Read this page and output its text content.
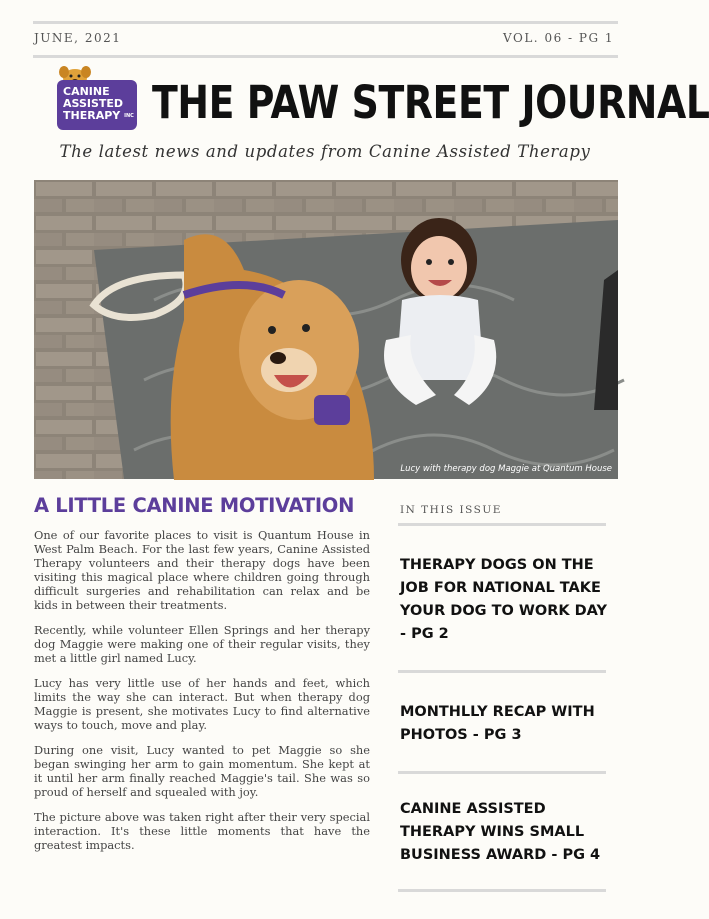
JUNE, 2021	VOL. 06 - PG 1
CANINE
ASSISTED
THERAPY $^{INC}$ THE PAW STREET JOURNAL
The latest news and updates from Canine Assisted Therapy
Lucy with therapy dog Maggie at Quantum House
A LITTLE CANINE MOTIVATION

One of our favorite places to visit is Quantum House in West Palm Beach. For the last few years, Canine Assisted Therapy volunteers and their therapy dogs have been visiting this magical place where children going through difficult surgeries and rehabilitation can relax and be kids in between their treatments.

Recently, while volunteer Ellen Springs and her therapy dog Maggie were making one of their regular visits, they met a little girl named Lucy.

Lucy has very little use of her hands and feet, which limits the way she can interact. But when therapy dog Maggie is present, she motivates Lucy to find alternative ways to touch, move and play.

During one visit, Lucy wanted to pet Maggie so she began swinging her arm to gain momentum. She kept at it until her arm finally reached Maggie's tail. She was so proud of herself and squealed with joy.

The picture above was taken right after their very special interaction. It's these little moments that have the greatest impacts.

IN THIS ISSUE
THERAPY DOGS ON THE JOB FOR NATIONAL TAKE YOUR DOG TO WORK DAY - PG 2
MONTHLLY RECAP WITH PHOTOS - PG 3
CANINE ASSISTED THERAPY WINS SMALL BUSINESS AWARD - PG 4
